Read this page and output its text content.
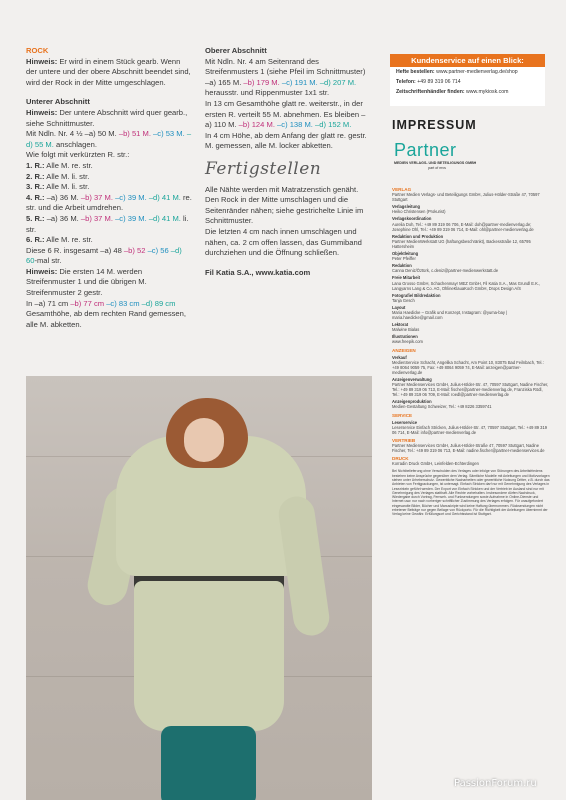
ROCK

Hinweis: Er wird in einem Stück gearb. Wenn der untere und der obere Abschnitt beendet sind, wird der Rock in der Mitte umgeschlagen.

Unterer Abschnitt

Hinweis: Der untere Abschnitt wird quer gearb., siehe Schnittmuster.

Mit Ndln. Nr. 4 ½ –a) 50 M. –b) 51 M. –c) 53 M. –d) 55 M. anschlagen.

Wie folgt mit verkürzten R. str.:

1. R.: Alle M. re. str.

2. R.: Alle M. li. str.

3. R.: Alle M. li. str.

4. R.: –a) 36 M. –b) 37 M. –c) 39 M. –d) 41 M. re. str. und die Arbeit umdrehen.

5. R.: –a) 36 M. –b) 37 M. –c) 39 M. –d) 41 M. li. str.

6. R.: Alle M. re. str.

Diese 6 R. insgesamt –a) 48 –b) 52 –c) 56 –d) 60-mal str.

Hinweis: Die ersten 14 M. werden Streifenmuster 1 und die übrigen M. Streifenmuster 2 gestr.

In –a) 71 cm –b) 77 cm –c) 83 cm –d) 89 cm Gesamthöhe, ab dem rechten Rand gemessen, alle M. abketten.

Oberer Abschnitt

Mit Ndln. Nr. 4 am Seitenrand des Streifenmusters 1 (siehe Pfeil im Schnittmuster) –a) 165 M. –b) 179 M. –c) 191 M. –d) 207 M. herausstr. und Rippenmuster 1x1 str.

In 13 cm Gesamthöhe glatt re. weiterstr., in der ersten R. verteilt 55 M. abnehmen. Es bleiben –a) 110 M. –b) 124 M. –c) 138 M. –d) 152 M.

In 4 cm Höhe, ab dem Anfang der glatt re. gestr. M. gemessen, alle M. locker abketten.

Fertigstellen

Alle Nähte werden mit Matratzenstich genäht. Den Rock in der Mitte umschlagen und die Seitenränder nähen; siehe gestrichelte Linie im Schnittmuster.

Die letzten 4 cm nach innen umschlagen und nähen, ca. 2 cm offen lassen, das Gummiband durchziehen und die Öffnung schließen.

Fil Katia S.A., www.katia.com

Kundenservice auf einen Blick:
Hefte bestellen: www.partner-medienverlag.de/shop
Telefon: +49 89 319 06 714
Zeitschriftenhändler finden: www.mykiosk.com
IMPRESSUM
Partner
MEDIEN VERLAGS- UND BETEILIGUNGS GMBH
part of mvs
VERLAG
Partner Medien Verlags- und Beteiligungs GmbH, Julius-Hölder-Straße 47, 70597 Stuttgart
Verlagsleitung
Heiko Christensen (Prokurist)
Verlagskoordination
Aurelia Doh, Tel.: +49 89 319 06 706, E-Mail: doh@partner-medienverlag.de; Josephine Ohl, Tel.: +49 89 319 06 714, E-Mail: ohl@partner-medienverlag.de
Redaktion und Produktion
Partner MedienWerkstatt UG (haftungsbeschränkt), Backesstraße 12, 65795 Hattersheim
Objektleitung
Peter Pfeiffer
Redaktion
Canna Deniz/Öztürk, c.deniz@partner-medienwerkstatt.de
Freie Mitarbeit
Lana Grosso GmbH, Schachenmayr MEZ GmbH, Fil Katia S.A., Mas Grundl E.K., Langyarns Lang & Co. AG, OhlineKlauaKoch GmbH, Drops Design A/S
Fotografie/ Bildredaktion
Tanja Gesch
Layout
Maria Haedicke – Grafik und Konzept, Instagram: @yuma-bay | maria.haedicke@gmail.com
Lektorat
Malwine Bialas
Illustrationen
www.freepik.com
ANZEIGEN
Verkauf
MedienService Schacht, Angelika Schacht, Am Point 10, 83075 Bad Feilnbach, Tel.: +49 8064 9059 75, Fax: +49 8064 9059 74, E-Mail: anzeigen@partner-medienverlag.de
Anzeigenverwaltung
Partner Medienservices GmbH, Julius-Hölder-Str. 47, 70597 Stuttgart, Nadine Fischer, Tel.: +49 89 319 06 713, E-Mail: fischer@partner-medienverlag.de, Franziska Rödl, Tel.: +49 89 319 06 709, E-Mail: roedl@partner-medienverlag.de
Anzeigenproduktion
Medien-Gestaltung Schweizer, Tel.: +49 8226 3359741
SERVICE
Leserservice
Leserservice Einfach Stricken, Julius-Hölder-Str. 47, 70597 Stuttgart, Tel.: +49 89 319 06 714, E-Mail: info@partner-medienverlag.de
VERTRIEB
Partner Medienservices GmbH, Julius-Hölder-Straße 47, 70597 Stuttgart, Nadine Fischer, Tel.: +49 89 319 06 713, E-Mail: nadine.fischer@partner-medienservices.de
DRUCK
Korradin Druck GmbH, Leinfelden-Echterdingen
Bei Nichtbelieferung ohne Verschulden des Verlages oder infolge von Störungen des Arbeitsfriedens bestehen keine Ansprüche gegenüber dem Verlag. Sämtliche Modelle mit Anleitungen und Motivvorlagen stehen unter Urheberschutz. Gewerbliche Nacharbeiten oder gewerbliche Nutzung Dritter, z.B. durch das Anbieten von Fertigpackungen, ist untersagt. Einfach Stricken darf nur mit Genehmigung des Verlages in Lesezirkeln geführt werden. Der Export von Einfach Stricken und der Vertrieb im Ausland sind nur mit Genehmigung des Verlages statthaft. Alle Rechte vorbehalten. Insbesondere dürfen Nachdruck, Wiedergabe durch Vortrag, Fernseh- und Funksendungen sowie Aufnahme in Online-Dienste und Internet usw. nur nach vorheriger schriftlicher Zustimmung des Verlages erfolgen. Für unaufgefordert eingesandte Bilder, Bücher und Manuskripte wird keine Haftung übernommen. Rücksendungen nicht erbetener Beiträge nur gegen Beilage von Rückporto. Für die Richtigkeit der Anleitungen übernimmt der Verlag keine Gewähr. Erfüllungsort und Gerichtsstand ist Stuttgart.
PassionForum.ru
